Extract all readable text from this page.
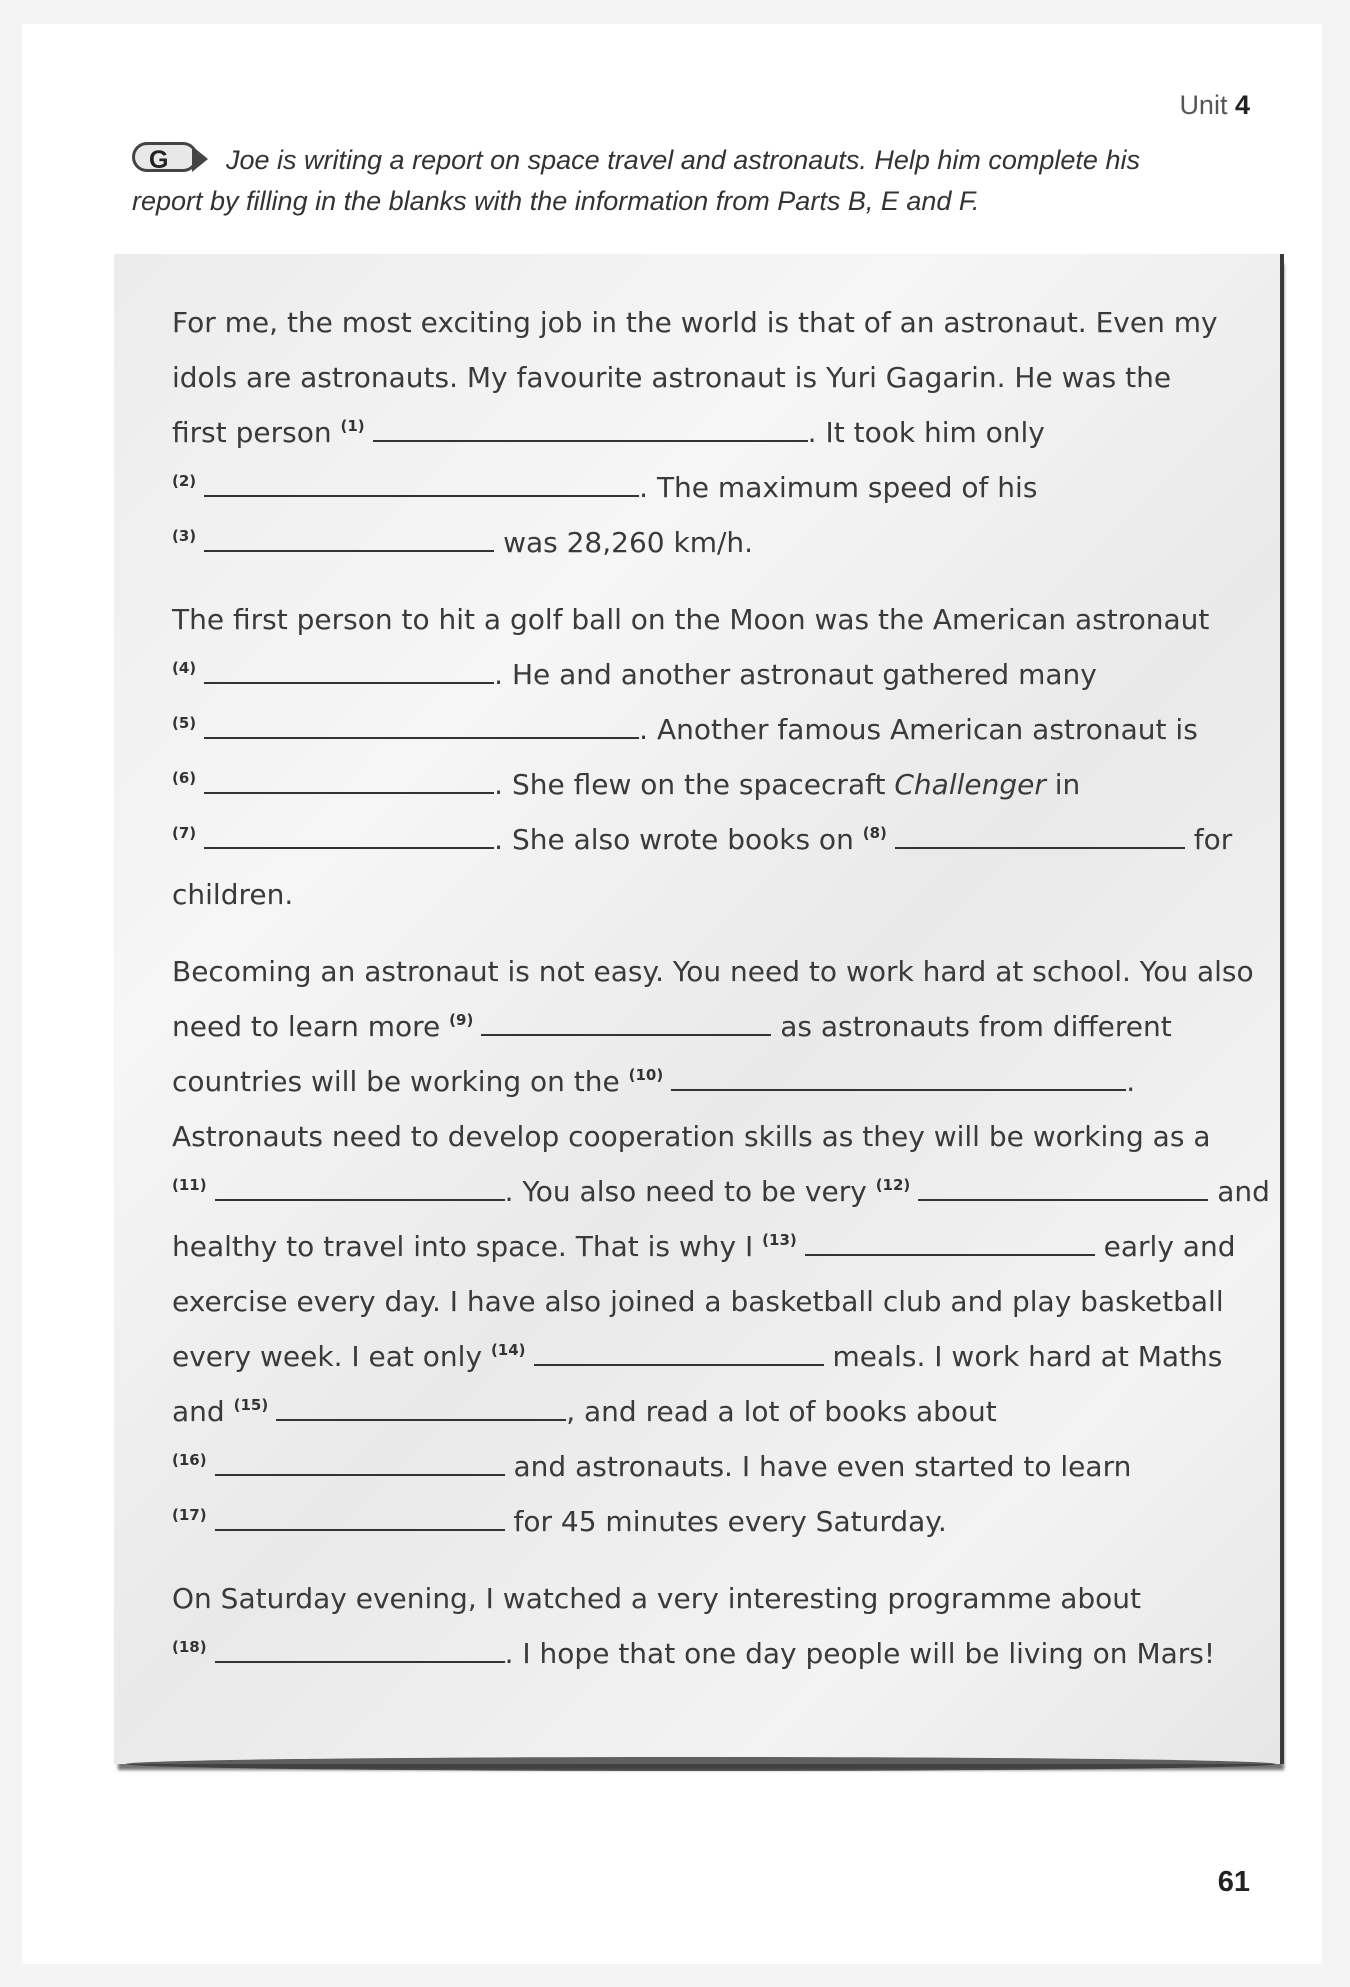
Unit 4
G	Joe is writing a report on space travel and astronauts. Help him complete his report by filling in the blanks with the information from Parts B, E and F.
For me, the most exciting job in the world is that of an astronaut. Even my
idols are astronauts. My favourite astronaut is Yuri Gagarin. He was the
first person $^{(1)}$	. It took him only
$^{(2)}$	. The maximum speed of his
$^{(3)}$	was 28,260 km/h.
The first person to hit a golf ball on the Moon was the American astronaut
$^{(4)}$	. He and another astronaut gathered many
$^{(5)}$	. Another famous American astronaut is
$^{(6)}$	. She flew on the spacecraft Challenger in
$^{(7)}$	. She also wrote books on $^{(8)}$	for
children.
Becoming an astronaut is not easy. You need to work hard at school. You also
need to learn more $^{(9)}$	as astronauts from different
countries will be working on the $^{(10)}$	.
Astronauts need to develop cooperation skills as they will be working as a
$^{(11)}$	. You also need to be very $^{(12)}$	and
healthy to travel into space. That is why I $^{(13)}$	early and
exercise every day. I have also joined a basketball club and play basketball
every week. I eat only $^{(14)}$	meals. I work hard at Maths
and $^{(15)}$	, and read a lot of books about
$^{(16)}$	and astronauts. I have even started to learn
$^{(17)}$	for 45 minutes every Saturday.
On Saturday evening, I watched a very interesting programme about
$^{(18)}$	. I hope that one day people will be living on Mars!
61
